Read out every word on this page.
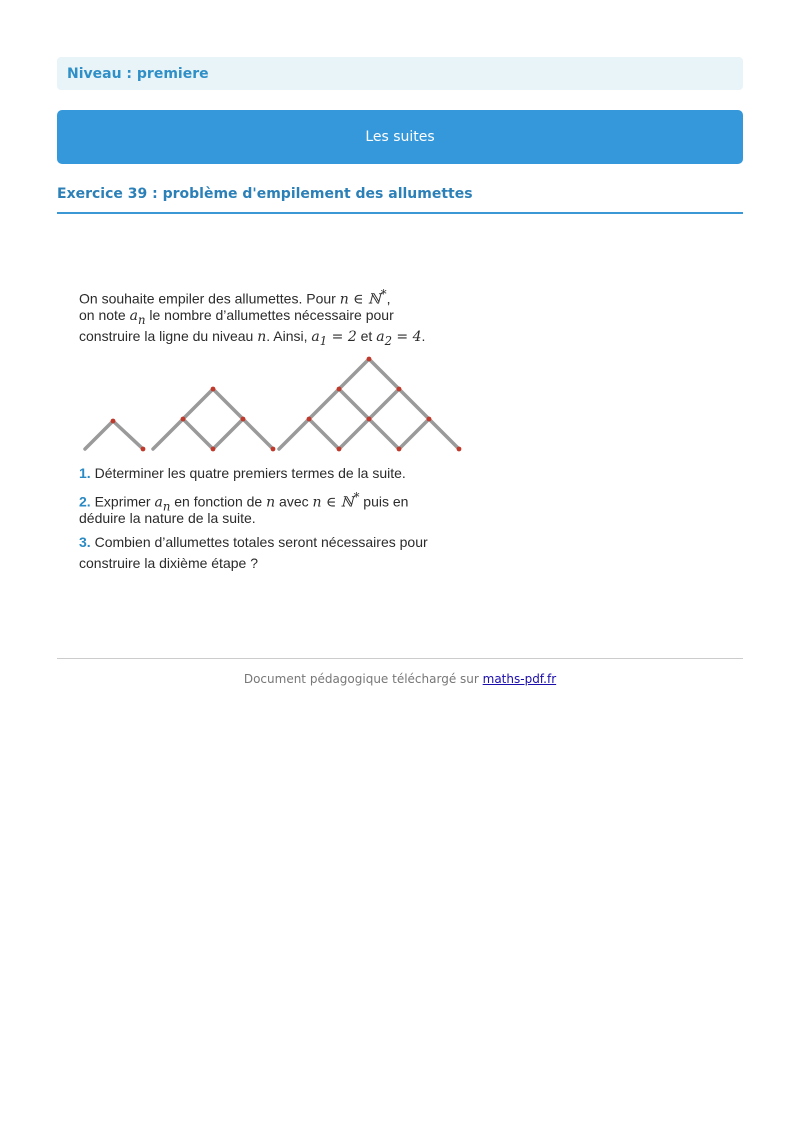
Niveau : premiere
Les suites
Exercice 39 : problème d'empilement des allumettes
On souhaite empiler des allumettes. Pour n ∈ ℕ*,
on note $a_n$ le nombre d’allumettes nécessaire pour
construire la ligne du niveau n. Ainsi, $a_1 = 2$ et $a_2 = 4$.
1. Déterminer les quatre premiers termes de la suite.
2. Exprimer $a_n$ en fonction de n avec n ∈ ℕ* puis en
déduire la nature de la suite.
3. Combien d’allumettes totales seront nécessaires pour
construire la dixième étape ?
Document pédagogique téléchargé sur maths-pdf.fr
